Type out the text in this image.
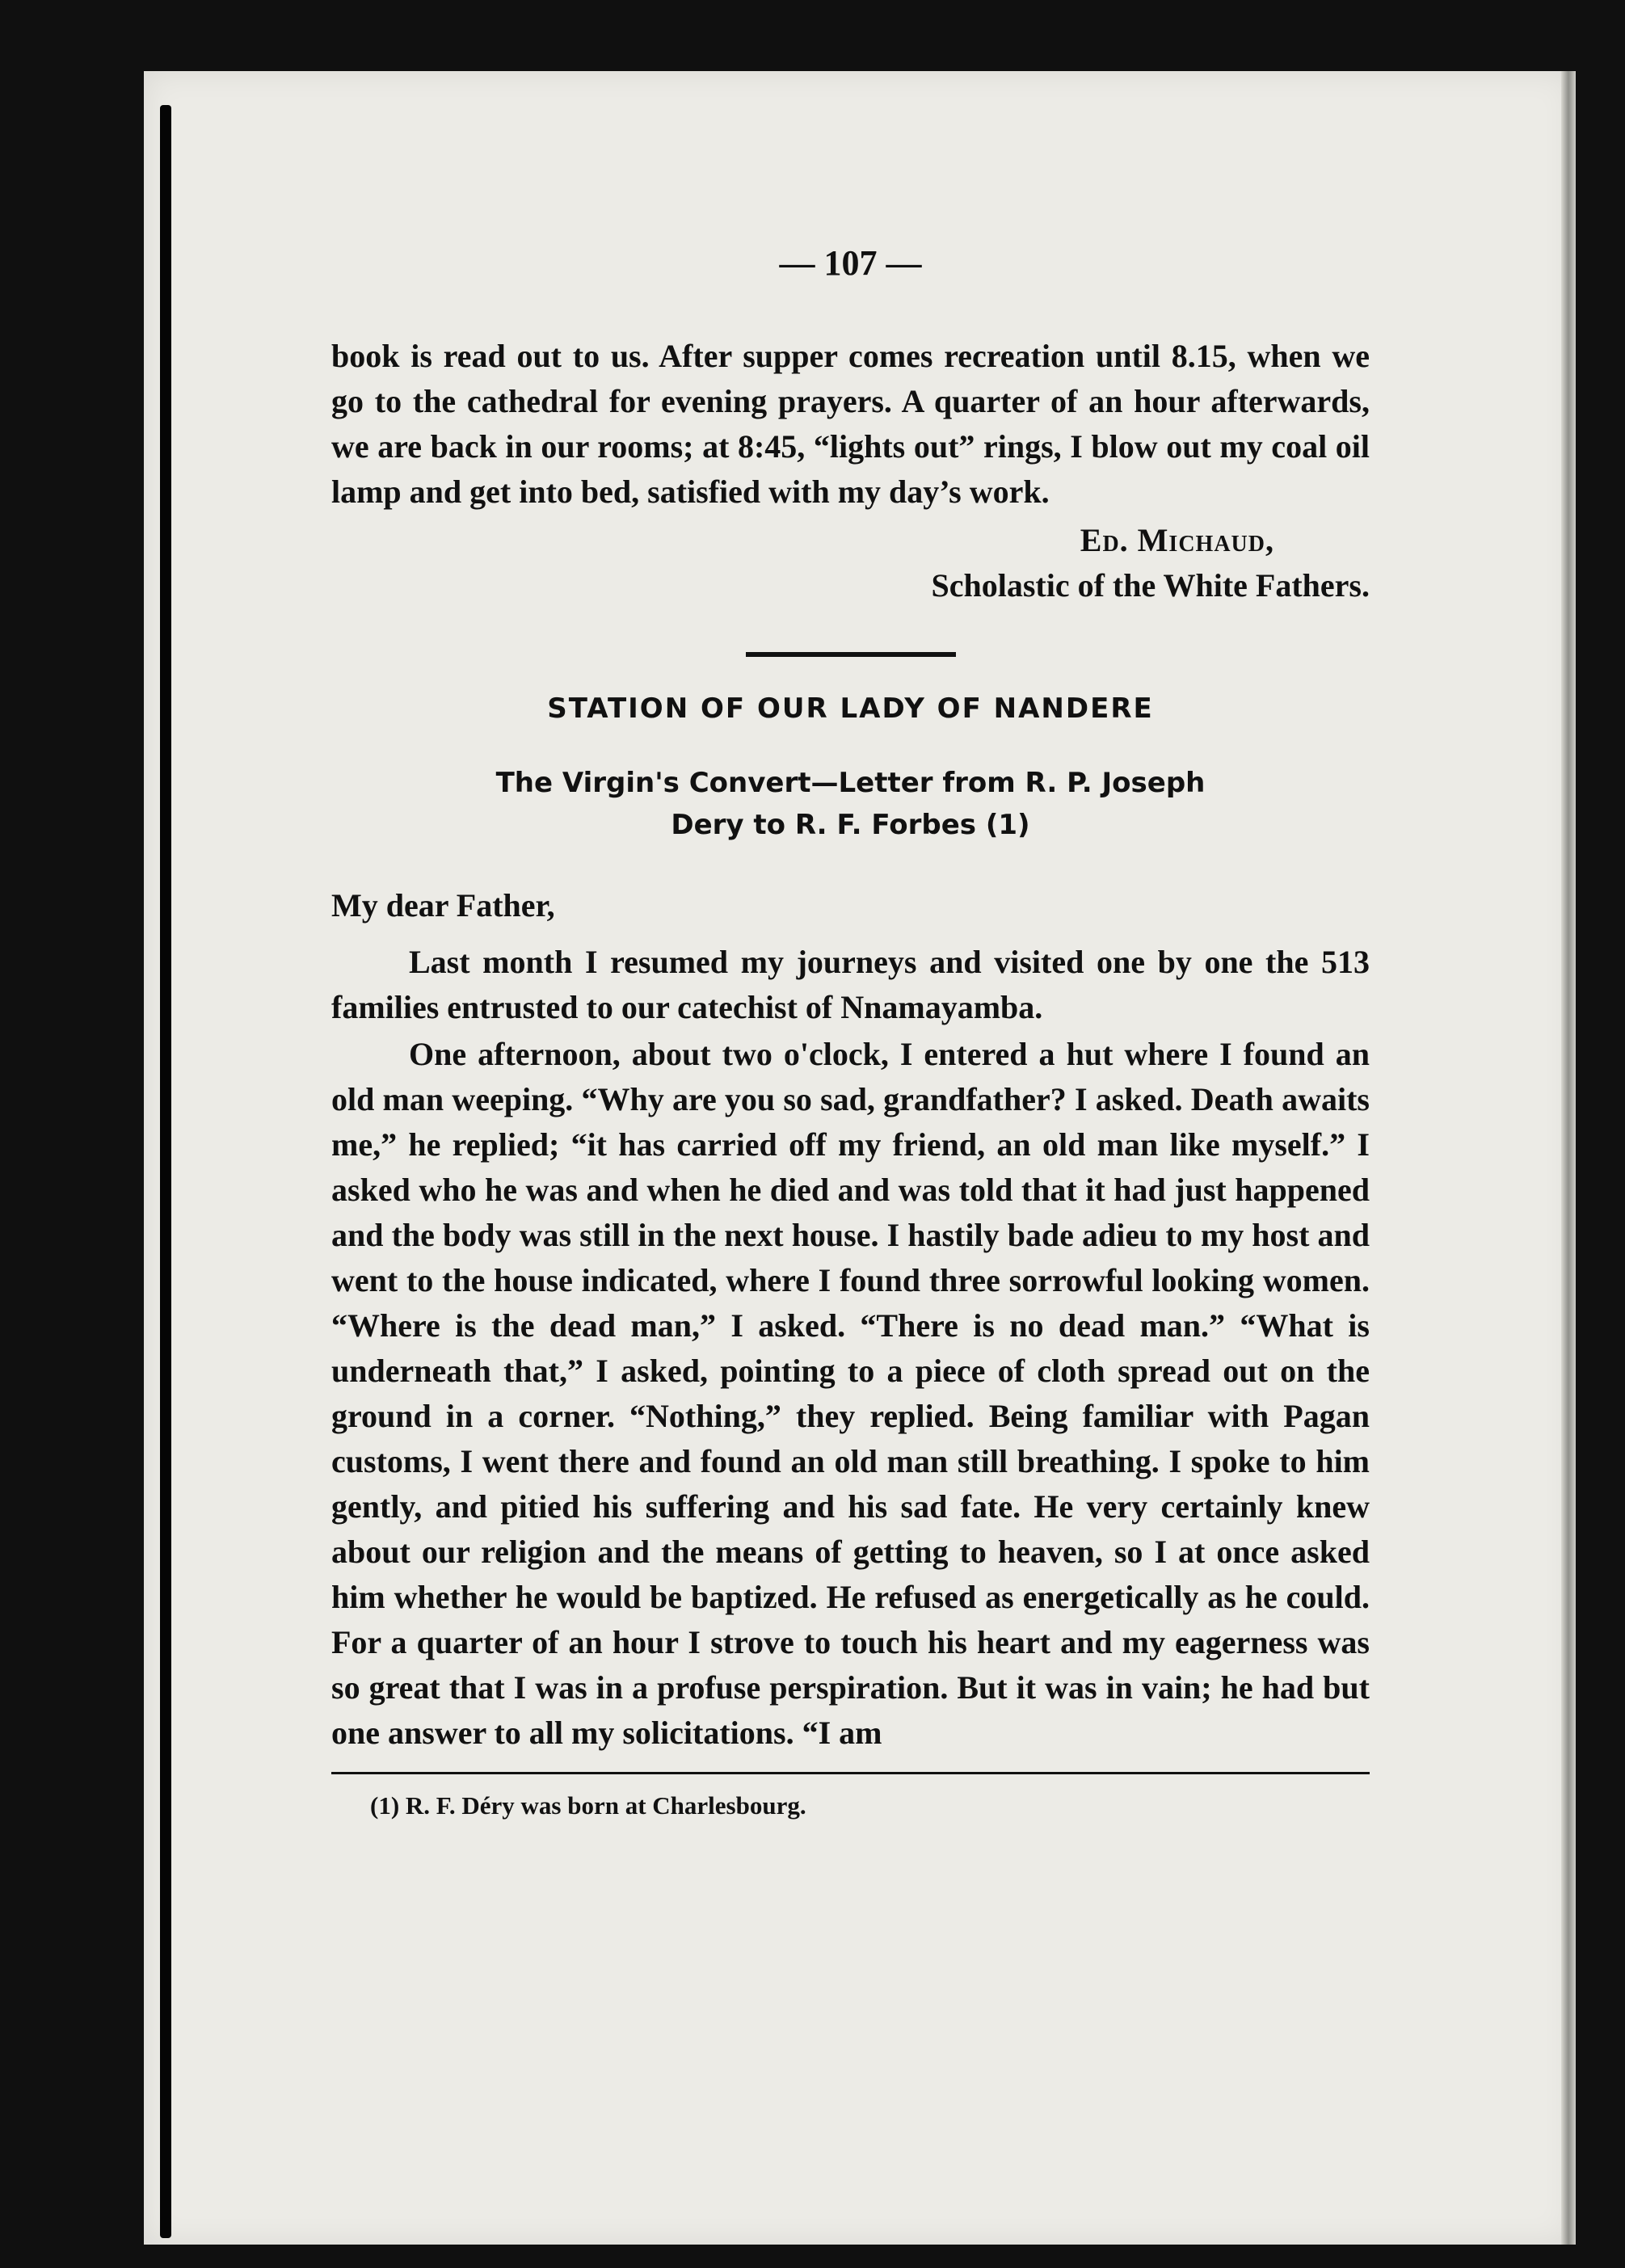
— 107 —

book is read out to us. After supper comes recreation until 8.15, when we go to the cathedral for evening prayers. A quarter of an hour afterwards, we are back in our rooms; at 8:45, “lights out” rings, I blow out my coal oil lamp and get into bed, satisfied with my day’s work.

Ed. Michaud,

Scholastic of the White Fathers.

STATION OF OUR LADY OF NANDERE

The Virgin's Convert—Letter from R. P. Joseph
Dery to R. F. Forbes (1)

My dear Father,

Last month I resumed my journeys and visited one by one the 513 families entrusted to our catechist of Nnamayamba.

One afternoon, about two o'clock, I entered a hut where I found an old man weeping. “Why are you so sad, grandfather? I asked. Death awaits me,” he replied; “it has carried off my friend, an old man like myself.” I asked who he was and when he died and was told that it had just happened and the body was still in the next house. I hastily bade adieu to my host and went to the house indicated, where I found three sorrowful looking women. “Where is the dead man,” I asked. “There is no dead man.” “What is underneath that,” I asked, pointing to a piece of cloth spread out on the ground in a corner. “Nothing,” they replied. Being familiar with Pagan customs, I went there and found an old man still breathing. I spoke to him gently, and pitied his suffering and his sad fate. He very certainly knew about our religion and the means of getting to heaven, so I at once asked him whether he would be baptized. He refused as energetically as he could. For a quarter of an hour I strove to touch his heart and my eagerness was so great that I was in a profuse perspiration. But it was in vain; he had but one answer to all my solicitations. “I am

(1) R. F. Déry was born at Charlesbourg.
